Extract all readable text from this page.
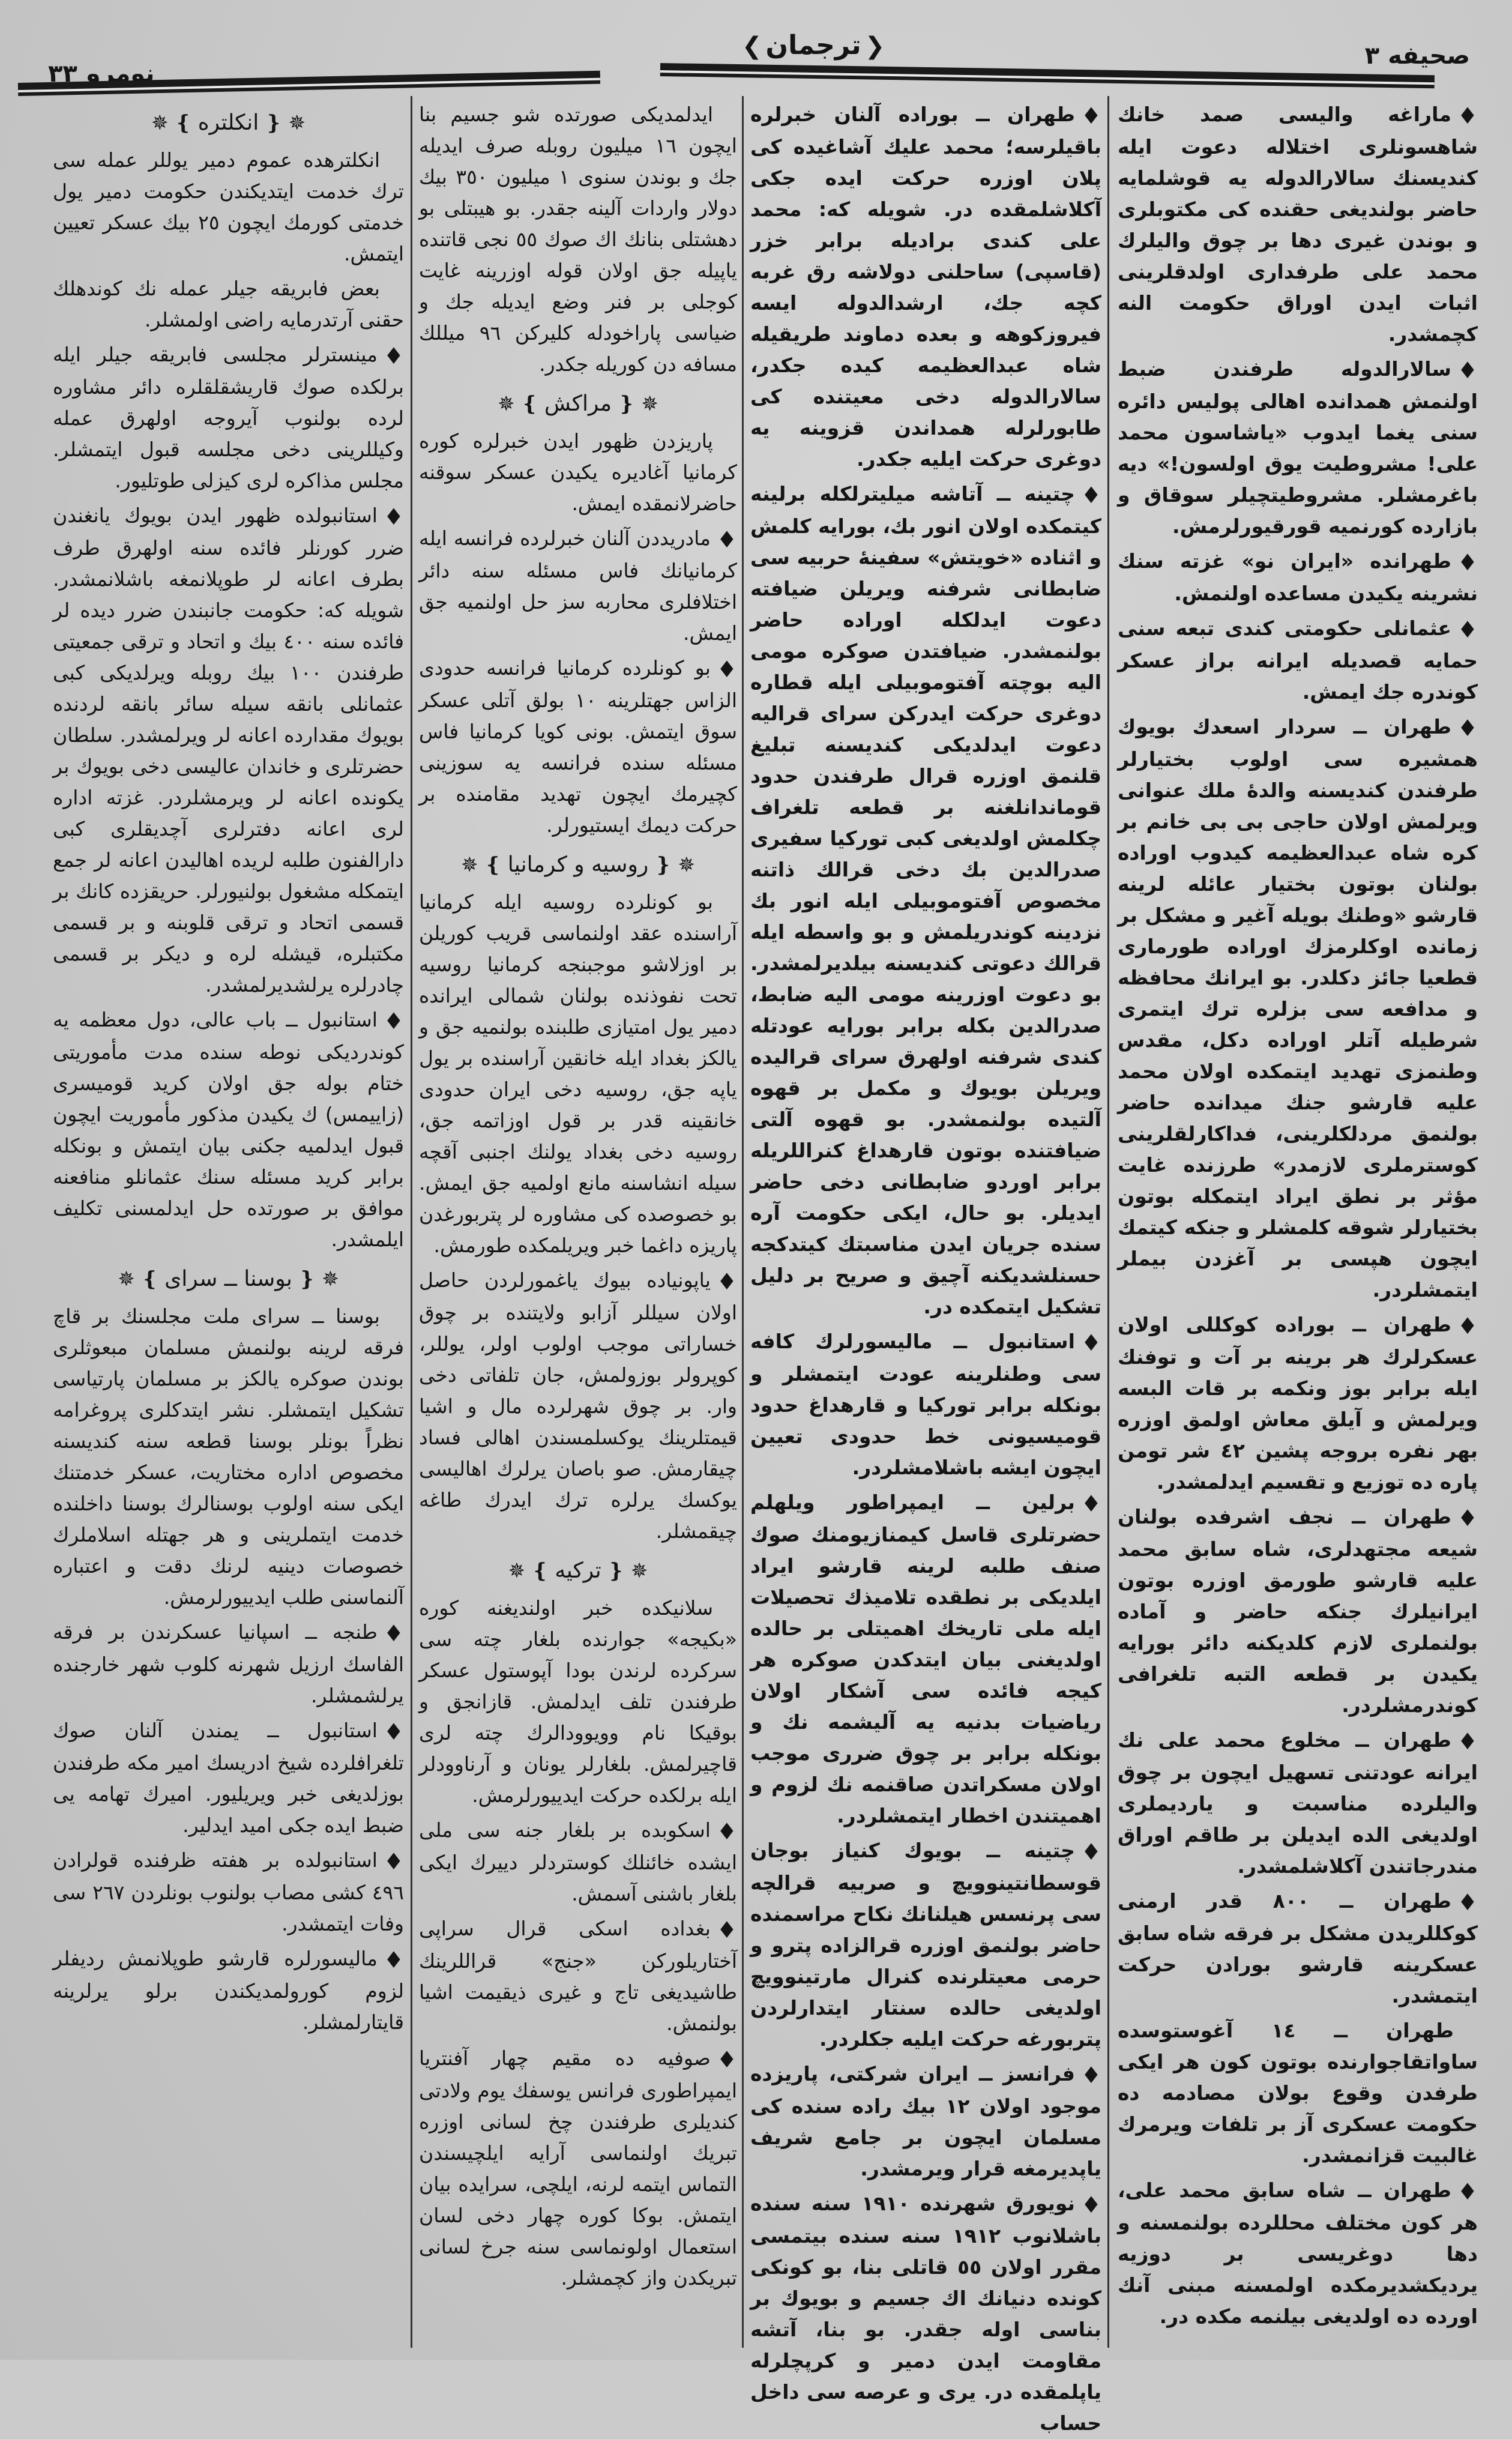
صحيفه ٣
❮ترجمان❯
نومرو ٣٣

♦ماراغه واليسى صمد خانك شاهسونلرى اختلاله دعوت ايله كنديسنك سالارالدوله يه قوشلمايه حاضر بولنديغى حقنده كى مكتوبلرى و بوندن غيرى دها بر چوق واليلرك محمد على طرفدارى اولدقلرينى اثبات ايدن اوراق حكومت النه كچمشدر.

♦سالارالدوله طرفندن ضبط اولنمش همدانده اهالى پوليس دائره سنى يغما ايدوب «ياشاسون محمد على! مشروطيت يوق اولسون!» ديه باغرمشلر. مشروطيتچيلر سوقاق و بازارده كورنميه قورقيورلرمش.

♦طهرانده «ايران نو» غزته سنك نشرينه يكيدن مساعده اولنمش.

♦عثمانلى حكومتى كندى تبعه سنى حمايه قصديله ايرانه براز عسكر كوندره جك ايمش.

♦طهران ــ سردار اسعدك بويوك همشيره سى اولوب بختيارلر طرفندن كنديسنه والدهٔ ملك عنوانى ويرلمش اولان حاجى بى بى خانم بر كره شاه عبدالعظيمه كيدوب اوراده بولنان بوتون بختيار عائله لرينه قارشو «وطنك بويله آغير و مشكل بر زمانده اوكلرمزك اوراده طورمارى قطعيا جائز دكلدر. بو ايرانك محافظه و مدافعه سى بزلره ترك ايتمرى شرطيله آتلر اوراده دكل، مقدس وطنمزى تهديد ايتمكده اولان محمد عليه قارشو جنك ميدانده حاضر بولنمق مردلكلرينى، فداكارلقلرينى كوسترملرى لازمدر» طرزنده غايت مؤثر بر نطق ايراد ايتمكله بوتون بختيارلر شوقه كلمشلر و جنكه كيتمك ايچون هپسى بر آغزدن بيملر ايتمشلردر.

♦طهران ــ بوراده كوكللى اولان عسكرلرك هر برينه بر آت و توفنك ايله برابر بوز ونكمه بر قات البسه ويرلمش و آيلق معاش اولمق اوزره بهر نفره بروجه پشين ٤٢ شر تومن پاره ده توزيع و تقسيم ايدلمشدر.

♦طهران ــ نجف اشرفده بولنان شيعه مجتهدلرى، شاه سابق محمد عليه قارشو طورمق اوزره بوتون ايرانيلرك جنكه حاضر و آماده بولنملرى لازم كلديكنه دائر بورايه يكيدن بر قطعه التبه تلغرافى كوندرمشلردر.

♦طهران ــ مخلوع محمد على نك ايرانه عودتنى تسهيل ايچون بر چوق واليلرده مناسبت و يارديملرى اولديغى الده ايديلن بر طاقم اوراق مندرجاتندن آكلاشلمشدر.

♦طهران ــ ٨٠٠ قدر ارمنى كوكللريدن مشكل بر فرقه شاه سابق عسكرينه قارشو بورادن حركت ايتمشدر.

طهران ــ ١٤ آغوستوسده ساواتقاجوارنده بوتون كون هر ايكى طرفدن وقوع بولان مصادمه ده حكومت عسكرى آز بر تلفات ويرمرك غالبيت قزانمشدر.

♦طهران ــ شاه سابق محمد على، هر كون مختلف محللرده بولنمسنه و دها دوغريسى بر دوزيه يرديكشديرمكده اولمسنه مبنى آنك اورده ده اولديغى بيلنمه مكده در.

♦طهران ــ بوراده آلنان خبرلره باقيلرسه؛ محمد عليك آشاغيده كى پلان اوزره حركت ايده جكى آكلاشلمقده در. شويله كه: محمد على كندى براديله برابر خزر (قاسپى) ساحلنى دولاشه رق غربه كچه جك، ارشدالدوله ايسه فيروزكوهه و بعده دماوند طريقيله شاه عبدالعظيمه كيده جكدر، سالارالدوله دخى معيتنده كى طابورلرله همداندن قزوينه يه دوغرى حركت ايليه جكدر.

♦چتينه ــ آتاشه ميليترلكله برلينه كيتمكده اولان انور بك، بورايه كلمش و اثناده «خويتش» سفينهٔ حربيه سى ضابطانى شرفنه ويريلن ضيافته دعوت ايدلكله اوراده حاضر بولنمشدر. ضيافتدن صوكره مومى اليه بوچته آفتوموبيلى ايله قطاره دوغرى حركت ايدركن سراى قراليه دعوت ايدلديكى كنديسنه تبليغ قلنمق اوزره قرال طرفندن حدود قوماندانلغنه بر قطعه تلغراف چكلمش اولديغى كبى توركيا سفيرى صدرالدين بك دخى قرالك ذاتنه مخصوص آفتوموبيلى ايله انور بك نزدينه كوندريلمش و بو واسطه ايله قرالك دعوتى كنديسنه بيلديرلمشدر. بو دعوت اوزرينه مومى اليه ضابط، صدرالدين بكله برابر بورايه عودتله كندى شرفنه اولهرق سراى قراليده ويريلن بويوك و مكمل بر قهوه آلتيده بولنمشدر. بو قهوه آلتى ضيافتنده بوتون قارهداغ كنراللريله برابر اوردو ضابطانى دخى حاضر ايديلر. بو حال، ايكى حكومت آره سنده جريان ايدن مناسبتك كيتدكجه حسنلشديكنه آچيق و صريح بر دليل تشكيل ايتمكده در.

♦استانبول ــ ماليسورلرك كافه سى وطنلرينه عودت ايتمشلر و بونكله برابر توركيا و قارهداغ حدود قوميسيونى خط حدودى تعيين ايچون ايشه باشلامشلردر.

♦برلين ــ ايمپراطور ويلهلم حضرتلرى قاسل كيمنازيومنك صوك صنف طلبه لرينه قارشو ايراد ايلديكى بر نطقده تلاميذك تحصيلات ايله ملى تاريخك اهميتلى بر حالده اولديغنى بيان ايتدكدن صوكره هر كيجه فائده سى آشكار اولان رياضيات بدنيه يه آليشمه نك و بونكله برابر بر چوق ضررى موجب اولان مسكراتدن صاقنمه نك لزوم و اهميتندن اخطار ايتمشلردر.

♦چتينه ــ بويوك كنياز بوجان قوسطانتينوويچ و صربيه قرالچه سى پرنسس هيلنانك نكاح مراسمنده حاضر بولنمق اوزره قرالزاده پترو و حرمى معيتلرنده كنرال مارتينوويچ اولديغى حالده سنتار ايتدارلردن پتربورغه حركت ايليه جكلردر.

♦فرانسز ــ ايران شركتى، پاريزده موجود اولان ١٢ بيك راده سنده كى مسلمان ايچون بر جامع شريف ياپديرمغه قرار ويرمشدر.

♦نويورق شهرنده ١٩١٠ سنه سنده باشلانوب ١٩١٢ سنه سنده بيتمسى مقرر اولان ٥٥ قاتلى بنا، بو كونكى كونده دنيانك اك جسيم و بويوك بر بناسى اوله جقدر. بو بنا، آتشه مقاومت ايدن دمير و كرپچلرله ياپلمقده در. يرى و عرصه سى داخل حساب

ايدلمديكى صورتده شو جسيم بنا ايچون ١٦ ميليون روبله صرف ايديله جك و بوندن سنوى ١ ميليون ٣٥٠ بيك دولار واردات آلينه جقدر. بو هيبتلى بو دهشتلى بنانك اك صوك ٥٥ نجى قاتنده ياپيله جق اولان قوله اوزرينه غايت كوجلى بر فنر وضع ايديله جك و ضياسى پاراخودله كليركن ٩٦ ميللك مسافه دن كوريله جكدر.

✵ ❴مراكش❵ ✵

پاريزدن ظهور ايدن خبرلره كوره كرمانيا آغاديره يكيدن عسكر سوقنه حاضرلانمقده ايمش.

♦مادريددن آلنان خبرلرده فرانسه ايله كرمانيانك فاس مسئله سنه دائر اختلافلرى محاربه سز حل اولنميه جق ايمش.

♦بو كونلرده كرمانيا فرانسه حدودى الزاس جهتلرينه ١٠ بولق آتلى عسكر سوق ايتمش. بونى كويا كرمانيا فاس مسئله سنده فرانسه يه سوزينى كچيرمك ايچون تهديد مقامنده بر حركت ديمك ايستيورلر.

✵ ❴روسيه و كرمانيا❵ ✵

بو كونلرده روسيه ايله كرمانيا آراسنده عقد اولنماسى قريب كوريلن بر اوزلاشو موجبنجه كرمانيا روسيه تحت نفوذنده بولنان شمالى ايرانده دمير يول امتيازى طلبنده بولنميه جق و يالكز بغداد ايله خانقين آراسنده بر يول ياپه جق، روسيه دخى ايران حدودى خانقينه قدر بر قول اوزاتمه جق، روسيه دخى بغداد يولنك اجنبى آقچه سيله انشاسنه مانع اولميه جق ايمش. بو خصوصده كى مشاوره لر پتربورغدن پاريزه داغما خبر ويريلمكده طورمش.

♦ياپونياده بيوك ياغمورلردن حاصل اولان سيللر آزابو ولايتنده بر چوق خساراتى موجب اولوب اولر، يوللر، كوپرولر بوزولمش، جان تلفاتى دخى وار. بر چوق شهرلرده مال و اشيا قيمتلرينك يوكسلمسندن اهالى فساد چيقارمش. صو باصان يرلرك اهاليسى يوكسك يرلره ترك ايدرك طاغه چيقمشلر.

✵ ❴تركيه❵ ✵

سلانيكده خبر اولنديغنه كوره «بكيجه» جوارنده بلغار چته سى سركرده لرندن بودا آپوستول عسكر طرفندن تلف ايدلمش. قازانجق و بوقيكا نام وويوودالرك چته لرى قاچيرلمش. بلغارلر يونان و آرناوودلر ايله برلكده حركت ايدييورلرمش.

♦اسكوبده بر بلغار جنه سى ملى ايشده خائنلك كوستردلر دييرك ايكى بلغار باشنى آسمش.

♦بغداده اسكى قرال سراپى آختاريلوركن «جنج» قراللرينك طاشيديغى تاج و غيرى ذيقيمت اشيا بولنمش.

♦صوفيه ده مقيم چهار آفنتريا ايمپراطورى فرانس يوسفك يوم ولادتى كنديلرى طرفندن چخ لسانى اوزره تبريك اولنماسى آرايه ايلچيسندن التماس ايتمه لرنه، ايلچى، سرايده بيان ايتمش. بوكا كوره چهار دخى لسان استعمال اولونماسى سنه جرخ لسانى تبريكدن واز كچمشلر.

✵ ❴انكلتره❵ ✵

انكلترهده عموم دمير يوللر عمله سى ترك خدمت ايتديكندن حكومت دمير يول خدمتى كورمك ايچون ٢٥ بيك عسكر تعيين ايتمش.

بعض فابريقه جيلر عمله نك كوندهلك حقنى آرتدرمايه راضى اولمشلر.

♦مينسترلر مجلسى فابريقه جيلر ايله برلكده صوك قاريشقلقلره دائر مشاوره لرده بولنوب آيروجه اولهرق عمله وكيللرينى دخى مجلسه قبول ايتمشلر. مجلس مذاكره لرى كيزلى طوتليور.

♦استانبولده ظهور ايدن بويوك يانغندن ضرر كورنلر فائده سنه اولهرق طرف بطرف اعانه لر طوپلانمغه باشلانمشدر. شويله كه: حكومت جانبندن ضرر ديده لر فائده سنه ٤٠٠ بيك و اتحاد و ترقى جمعيتى طرفندن ١٠٠ بيك روبله ويرلديكى كبى عثمانلى بانقه سيله سائر بانقه لردنده بويوك مقدارده اعانه لر ويرلمشدر. سلطان حضرتلرى و خاندان عاليسى دخى بويوك بر يكونده اعانه لر ويرمشلردر. غزته اداره لرى اعانه دفترلرى آچديقلرى كبى دارالفنون طلبه لريده اهاليدن اعانه لر جمع ايتمكله مشغول بولنيورلر. حريقزده كانك بر قسمى اتحاد و ترقى قلوبنه و بر قسمى مكتبلره، قيشله لره و ديكر بر قسمى چادرلره يرلشديرلمشدر.

♦استانبول ــ باب عالى، دول معظمه يه كوندرديكى نوطه سنده مدت مأموريتى ختام بوله جق اولان كريد قوميسرى (زاييمس) ك يكيدن مذكور مأموريت ايچون قبول ايدلميه جكنى بيان ايتمش و بونكله برابر كريد مسئله سنك عثمانلو منافعنه موافق بر صورتده حل ايدلمسنى تكليف ايلمشدر.

✵ ❴بوسنا ــ سراى❵ ✵

بوسنا ــ سراى ملت مجلسنك بر قاچ فرقه لرينه بولنمش مسلمان مبعوثلرى بوندن صوكره يالكز بر مسلمان پارتياسى تشكيل ايتمشلر. نشر ايتدكلرى پروغرامه نظراً بونلر بوسنا قطعه سنه كنديسنه مخصوص اداره مختاريت، عسكر خدمتنك ايكى سنه اولوب بوسنالرك بوسنا داخلنده خدمت ايتملرينى و هر جهتله اسلاملرك خصوصات دينيه لرنك دقت و اعتباره آلنماسنى طلب ايدييورلرمش.

♦طنجه ــ اسپانيا عسكرندن بر فرقه الفاسك ارزيل شهرنه كلوب شهر خارجنده يرلشمشلر.

♦استانبول ــ يمندن آلنان صوك تلغرافلرده شيخ ادريسك امير مكه طرفندن بوزلديغى خبر ويريليور. اميرك تهامه يى ضبط ايده جكى اميد ايدلير.

♦استانبولده بر هفته ظرفنده قولرادن ٤٩٦ كشى مصاب بولنوب بونلردن ٢٦٧ سى وفات ايتمشدر.

♦ماليسورلره قارشو طوپلانمش رديفلر لزوم كورولمديكندن برلو يرلرينه قايتارلمشلر.
